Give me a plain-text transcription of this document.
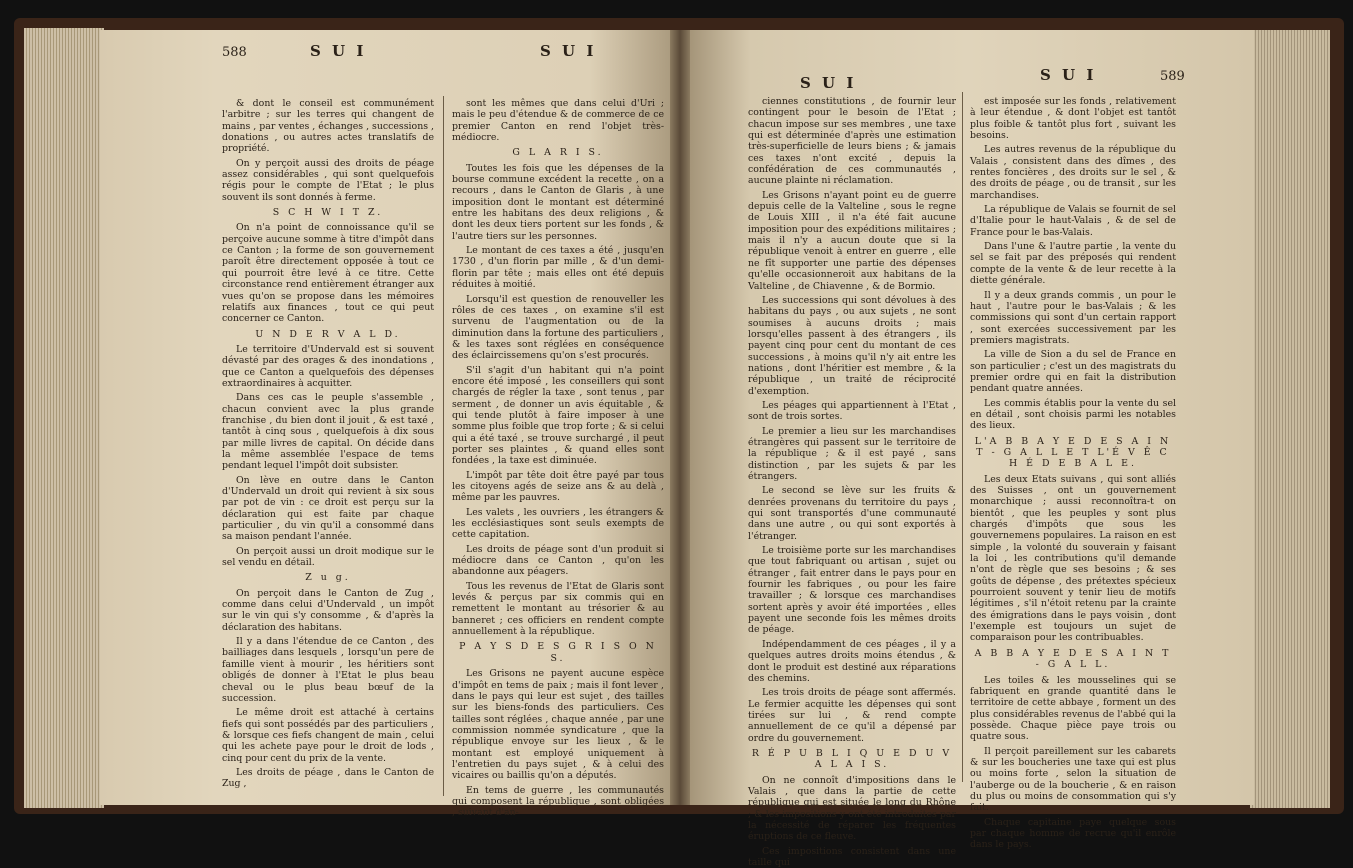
588	S U I	S U I
S U I	S U I	589

& dont le conseil est communément l'arbitre ; sur les terres qui changent de mains , par ventes , échanges , successions , donations , ou autres actes translatifs de propriété.

On y perçoit aussi des droits de péage assez considérables , qui sont quelquefois régis pour le compte de l'Etat ; le plus souvent ils sont donnés à ferme.

S C H W I T Z.

On n'a point de connoissance qu'il se perçoive aucune somme à titre d'impôt dans ce Canton ; la forme de son gouvernement paroît être directement opposée à tout ce qui pourroit être levé à ce titre. Cette circonstance rend entièrement étranger aux vues qu'on se propose dans les mémoires relatifs aux finances , tout ce qui peut concerner ce Canton.

U N D E R V A L D.

Le territoire d'Undervald est si souvent dévasté par des orages & des inondations , que ce Canton a quelquefois des dépenses extraordinaires à acquitter.

Dans ces cas le peuple s'assemble , chacun convient avec la plus grande franchise , du bien dont il jouit , & est taxé , tantôt à cinq sous , quelquefois à dix sous par mille livres de capital. On décide dans la même assemblée l'espace de tems pendant lequel l'impôt doit subsister.

On lève en outre dans le Canton d'Undervald un droit qui revient à six sous par pot de vin : ce droit est perçu sur la déclaration qui est faite par chaque particulier , du vin qu'il a consommé dans sa maison pendant l'année.

On perçoit aussi un droit modique sur le sel vendu en détail.

Z u g.

On perçoit dans le Canton de Zug , comme dans celui d'Undervald , un impôt sur le vin qui s'y consomme , & d'après la déclaration des habitans.

Il y a dans l'étendue de ce Canton , des bailliages dans lesquels , lorsqu'un pere de famille vient à mourir , les héritiers sont obligés de donner à l'Etat le plus beau cheval ou le plus beau bœuf de la succession.

Le même droit est attaché à certains fiefs qui sont possédés par des particuliers , & lorsque ces fiefs changent de main , celui qui les achete paye pour le droit de lods , cinq pour cent du prix de la vente.

Les droits de péage , dans le Canton de Zug ,

sont les mêmes que dans celui d'Uri ; mais le peu d'étendue & de commerce de ce premier Canton en rend l'objet très-médiocre.

G L A R I S.

Toutes les fois que les dépenses de la bourse commune excédent la recette , on a recours , dans le Canton de Glaris , à une imposition dont le montant est déterminé entre les habitans des deux religions , & dont les deux tiers portent sur les fonds , & l'autre tiers sur les personnes.

Le montant de ces taxes a été , jusqu'en 1730 , d'un florin par mille , & d'un demi-florin par tête ; mais elles ont été depuis réduites à moitié.

Lorsqu'il est question de renouveller les rôles de ces taxes , on examine s'il est survenu de l'augmentation ou de la diminution dans la fortune des particuliers , & les taxes sont réglées en conséquence des éclaircissemens qu'on s'est procurés.

S'il s'agit d'un habitant qui n'a point encore été imposé , les conseillers qui sont chargés de régler la taxe , sont tenus , par serment , de donner un avis équitable , & qui tende plutôt à faire imposer à une somme plus foible que trop forte ; & si celui qui a été taxé , se trouve surchargé , il peut porter ses plaintes , & quand elles sont fondées , la taxe est diminuée.

L'impôt par tête doit être payé par tous les citoyens agés de seize ans & au delà , même par les pauvres.

Les valets , les ouvriers , les étrangers & les ecclésiastiques sont seuls exempts de cette capitation.

Les droits de péage sont d'un produit si médiocre dans ce Canton , qu'on les abandonne aux péagers.

Tous les revenus de l'Etat de Glaris sont levés & perçus par six commis qui en remettent le montant au trésorier & au banneret ; ces officiers en rendent compte annuellement à la république.

P A Y S D E S G R I S O N S.

Les Grisons ne payent aucune espèce d'impôt en tems de paix ; mais il font lever , dans le pays qui leur est sujet , des tailles sur les biens-fonds des particuliers. Ces tailles sont réglées , chaque année , par une commission nommée syndicature , que la république envoye sur les lieux , & le montant est employé uniquement à l'entretien du pays sujet , & à celui des vicaires ou baillis qu'on a députés.

En tems de guerre , les communautés qui composent la république , sont obligées , suivant d'an-

ciennes constitutions , de fournir leur contingent pour le besoin de l'Etat ; chacun impose sur ses membres , une taxe qui est déterminée d'après une estimation très-superficielle de leurs biens ; & jamais ces taxes n'ont excité , depuis la confédération de ces communautés , aucune plainte ni réclamation.

Les Grisons n'ayant point eu de guerre depuis celle de la Valteline , sous le regne de Louis XIII , il n'a été fait aucune imposition pour des expéditions militaires ; mais il n'y a aucun doute que si la république venoit à entrer en guerre , elle ne fît supporter une partie des dépenses qu'elle occasionneroit aux habitans de la Valteline , de Chiavenne , & de Bormio.

Les successions qui sont dévolues à des habitans du pays , ou aux sujets , ne sont soumises à aucuns droits ; mais lorsqu'elles passent à des étrangers , ils payent cinq pour cent du montant de ces successions , à moins qu'il n'y ait entre les nations , dont l'héritier est membre , & la république , un traité de réciprocité d'exemption.

Les péages qui appartiennent à l'Etat , sont de trois sortes.

Le premier a lieu sur les marchandises étrangères qui passent sur le territoire de la république ; & il est payé , sans distinction , par les sujets & par les étrangers.

Le second se lève sur les fruits & denrées provenans du territoire du pays , qui sont transportés d'une communauté dans une autre , ou qui sont exportés à l'étranger.

Le troisième porte sur les marchandises que tout fabriquant ou artisan , sujet ou étranger , fait entrer dans le pays pour en fournir les fabriques , ou pour les faire travailler ; & lorsque ces marchandises sortent après y avoir été importées , elles payent une seconde fois les mêmes droits de péage.

Indépendamment de ces péages , il y a quelques autres droits moins étendus , & dont le produit est destiné aux réparations des chemins.

Les trois droits de péage sont affermés. Le fermier acquitte les dépenses qui sont tirées sur lui , & rend compte annuellement de ce qu'il a dépensé par ordre du gouvernement.

R É P U B L I Q U E D U V A L A I S.

On ne connoît d'impositions dans le Valais , que dans la partie de cette république qui est située le long du Rhône ; & les impositions y ont été introduites par la nécessité de réparer les fréquentes éruptions de ce fleuve.

Ces impositions consistent dans une taille qui

est imposée sur les fonds , relativement à leur étendue , & dont l'objet est tantôt plus foible & tantôt plus fort , suivant les besoins.

Les autres revenus de la république du Valais , consistent dans des dîmes , des rentes foncières , des droits sur le sel , & des droits de péage , ou de transit , sur les marchandises.

La république de Valais se fournit de sel d'Italie pour le haut-Valais , & de sel de France pour le bas-Valais.

Dans l'une & l'autre partie , la vente du sel se fait par des préposés qui rendent compte de la vente & de leur recette à la diette générale.

Il y a deux grands commis , un pour le haut , l'autre pour le bas-Valais ; & les commissions qui sont d'un certain rapport , sont exercées successivement par les premiers magistrats.

La ville de Sion a du sel de France en son particulier ; c'est un des magistrats du premier ordre qui en fait la distribution pendant quatre années.

Les commis établis pour la vente du sel en détail , sont choisis parmi les notables des lieux.

L'A B B A Y E D E S A I N T - G A L L E T L'É V Ê C H É D E B A L E.

Les deux Etats suivans , qui sont alliés des Suisses , ont un gouvernement monarchique ; aussi reconnoîtra-t on bientôt , que les peuples y sont plus chargés d'impôts que sous les gouvernemens populaires. La raison en est simple , la volonté du souverain y faisant la loi , les contributions qu'il demande n'ont de règle que ses besoins ; & ses goûts de dépense , des prétextes spécieux pourroient souvent y tenir lieu de motifs légitimes , s'il n'étoit retenu par la crainte des émigrations dans le pays voisin , dont l'exemple est toujours un sujet de comparaison pour les contribuables.

A B B A Y E D E S A I N T - G A L L.

Les toiles & les mousselines qui se fabriquent en grande quantité dans le territoire de cette abbaye , forment un des plus considérables revenus de l'abbé qui la possède. Chaque pièce paye trois ou quatre sous.

Il perçoit pareillement sur les cabarets & sur les boucheries une taxe qui est plus ou moins forte , selon la situation de l'auberge ou de la boucherie , & en raison du plus ou moins de consommation qui s'y fait.

Chaque capitaine paye quelque sous par chaque homme de recrue qu'il enrôle dans le pays.
